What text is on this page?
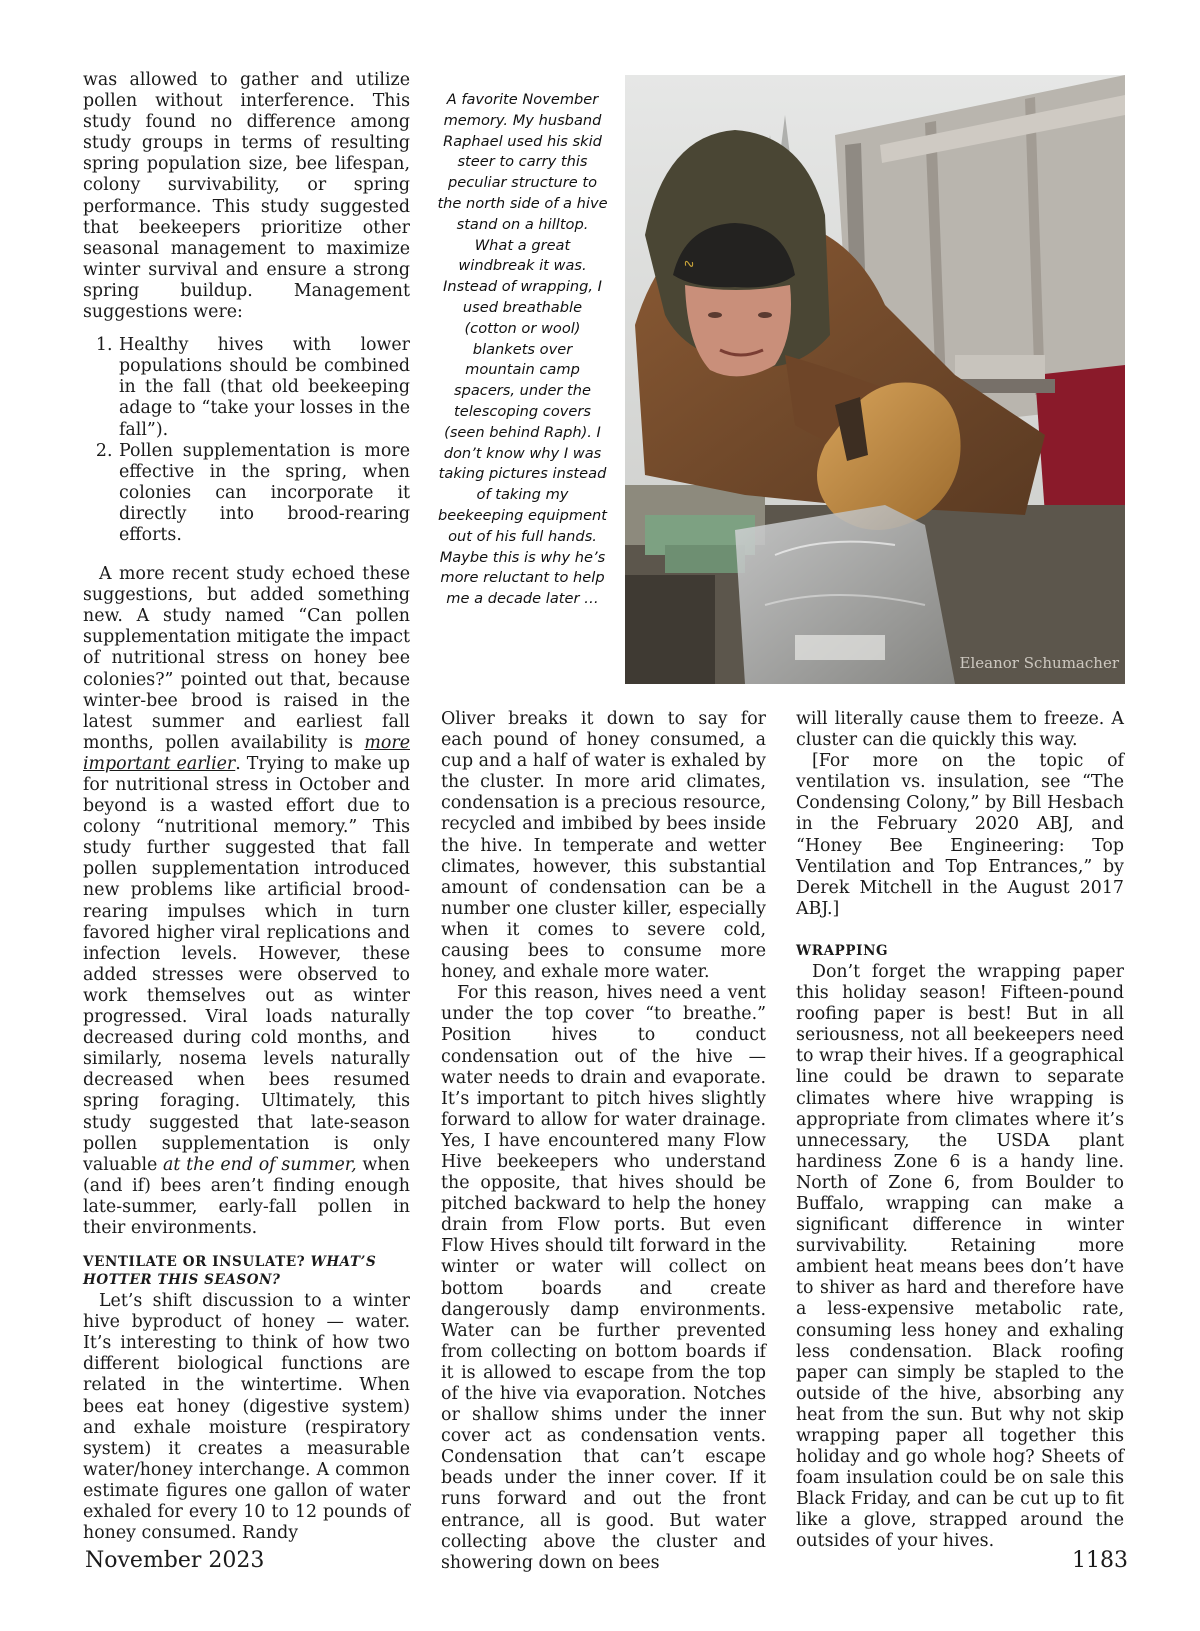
was allowed to gather and utilize pollen without interference. This study found no difference among study groups in terms of resulting spring population size, bee lifespan, colony survivability, or spring performance. This study suggested that beekeepers prioritize other seasonal management to maximize winter survival and ensure a strong spring buildup. Management suggestions were:

1. Healthy hives with lower populations should be combined in the fall (that old beekeeping adage to “take your losses in the fall”).
2. Pollen supplementation is more effective in the spring, when colonies can incorporate it directly into brood-rearing efforts.

A more recent study echoed these suggestions, but added something new. A study named “Can pollen supplementation mitigate the impact of nutritional stress on honey bee colonies?” pointed out that, because winter-bee brood is raised in the latest summer and earliest fall months, pollen availability is more important earlier. Trying to make up for nutritional stress in October and beyond is a wasted effort due to colony “nutritional memory.” This study further suggested that fall pollen supplementation introduced new problems like artificial brood-rearing impulses which in turn favored higher viral replications and infection levels. However, these added stresses were observed to work themselves out as winter progressed. Viral loads naturally decreased during cold months, and similarly, nosema levels naturally decreased when bees resumed spring foraging. Ultimately, this study suggested that late-season pollen supplementation is only valuable at the end of summer, when (and if) bees aren’t finding enough late-summer, early-fall pollen in their environments.

VENTILATE OR INSULATE? WHAT’S HOTTER THIS SEASON?

Let’s shift discussion to a winter hive byproduct of honey — water. It’s interesting to think of how two different biological functions are related in the wintertime. When bees eat honey (digestive system) and exhale moisture (respiratory system) it creates a measurable water/honey interchange. A common estimate figures one gallon of water exhaled for every 10 to 12 pounds of honey consumed. Randy

A favorite November memory. My husband Raphael used his skid steer to carry this peculiar structure to the north side of a hive stand on a hilltop. What a great windbreak it was. Instead of wrapping, I used breathable (cotton or wool) blankets over mountain camp spacers, under the telescoping covers (seen behind Raph). I don’t know why I was taking pictures instead of taking my beekeeping equipment out of his full hands. Maybe this is why he’s more reluctant to help me a decade later …
∿
Eleanor Schumacher

Oliver breaks it down to say for each pound of honey consumed, a cup and a half of water is exhaled by the cluster. In more arid climates, condensation is a precious resource, recycled and imbibed by bees inside the hive. In temperate and wetter climates, however, this substantial amount of condensation can be a number one cluster killer, especially when it comes to severe cold, causing bees to consume more honey, and exhale more water.

For this reason, hives need a vent under the top cover “to breathe.” Position hives to conduct condensation out of the hive — water needs to drain and evaporate. It’s important to pitch hives slightly forward to allow for water drainage. Yes, I have encountered many Flow Hive beekeepers who understand the opposite, that hives should be pitched backward to help the honey drain from Flow ports. But even Flow Hives should tilt forward in the winter or water will collect on bottom boards and create dangerously damp environments. Water can be further prevented from collecting on bottom boards if it is allowed to escape from the top of the hive via evaporation. Notches or shallow shims under the inner cover act as condensation vents. Condensation that can’t escape beads under the inner cover. If it runs forward and out the front entrance, all is good. But water collecting above the cluster and showering down on bees

will literally cause them to freeze. A cluster can die quickly this way.

[For more on the topic of ventilation vs. insulation, see “The Condensing Colony,” by Bill Hesbach in the February 2020 ABJ, and “Honey Bee Engineering: Top Ventilation and Top Entrances,” by Derek Mitchell in the August 2017 ABJ.]

WRAPPING

Don’t forget the wrapping paper this holiday season! Fifteen-pound roofing paper is best! But in all seriousness, not all beekeepers need to wrap their hives. If a geographical line could be drawn to separate climates where hive wrapping is appropriate from climates where it’s unnecessary, the USDA plant hardiness Zone 6 is a handy line. North of Zone 6, from Boulder to Buffalo, wrapping can make a significant difference in winter survivability. Retaining more ambient heat means bees don’t have to shiver as hard and therefore have a less-expensive metabolic rate, consuming less honey and exhaling less condensation. Black roofing paper can simply be stapled to the outside of the hive, absorbing any heat from the sun. But why not skip wrapping paper all together this holiday and go whole hog? Sheets of foam insulation could be on sale this Black Friday, and can be cut up to fit like a glove, strapped around the outsides of your hives.

November 2023	1183
